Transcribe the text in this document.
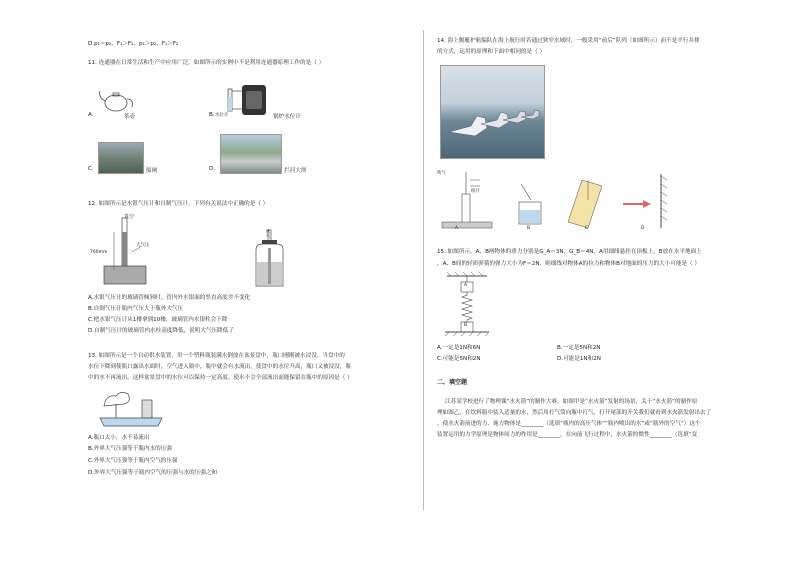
D.p₁＝p₂、F₁＞F₂、p₁＞p₂、F₁＞F₂
11. 连通器在日常生活和生产中应用广泛。如图所示的实例中不是利用连通器原理工作的是（ ）
A.	茶壶	B. 水位计	锅炉水位计
C.	船闸	D.	拦河大坝
12. 如图所示是水银气压计和自制气压计，下列有关说法中正确的是（ ）
真空
760mm
大气压
吹气
A.水银气压计的玻璃管倾斜时，管内外水银面的竖直高度差不变化
B.自制气压计瓶内气压大于瓶外大气压
C.把水银气压计从1楼拿到10楼，玻璃管内水银柱会下降
D.自制气压计的玻璃管内水柱高度降低，说明大气压降低了
13. 如图所示是一个自动供水装置，用一个塑料瓶装满水倒放在盆景盘中，瓶口刚刚被水浸没。当盘中的
水位下降到使瓶口露出水面时，空气进入瓶中，瓶中就会有水流出，使盘中的水位升高，瓶口又被浸没，瓶
中的水不再流出。这样盆景盘中的水位可以保持一定高度。使水不会全部流出而能保留在瓶中的原因是（ ）
A.瓶口太小，水不易流出
B.外界大气压强等于瓶内水的压强
C.外界大气压强等于瓶内空气的压强
D.外界大气压强等于瓶内空气的压强与水的压强之和
14. 海上舰艇护航编队在海上航行时若通过狭窄水域时，一般采用“前后”队列（如图所示）而不是平行并排
的方式，运用的原理和下面中相同的是（ ）
吹气
纸片
A	B	C	D
15. 如图所示，A、B两物体的重力分别是G_A＝3N，G_B＝4N，A用细线悬挂在顶板上，B放在水平地面上
，A、B间的轻质弹簧的弹力大小为F＝2N，则细线对物体A的拉力和物体B对地面的压力的大小可能是（ ）
A
B
A.一定是1N和6N	B.一定是5N和2N
C.可能是5N和2N	D.可能是1N和2N
二、填空题
江苏某学校进行了物理课“水火箭”的制作大赛，如图甲是“水火箭”发射的场景，关于“水火箭”的制作原
理如图乙，在饮料瓶中装入适量的水，然后用打气筒向瓶中打气，打开尾部的开关我们就看到水火箭发射出去了
，使水火箭前进的力，施力物体是________（选填“瓶内的高压气体”“瓶内喷出的水”或“瓶外的空气”）这个
装置运用的力学原理是物体间力的作用是________，在向前飞行过程中，水火箭的惯性________（选填“变
